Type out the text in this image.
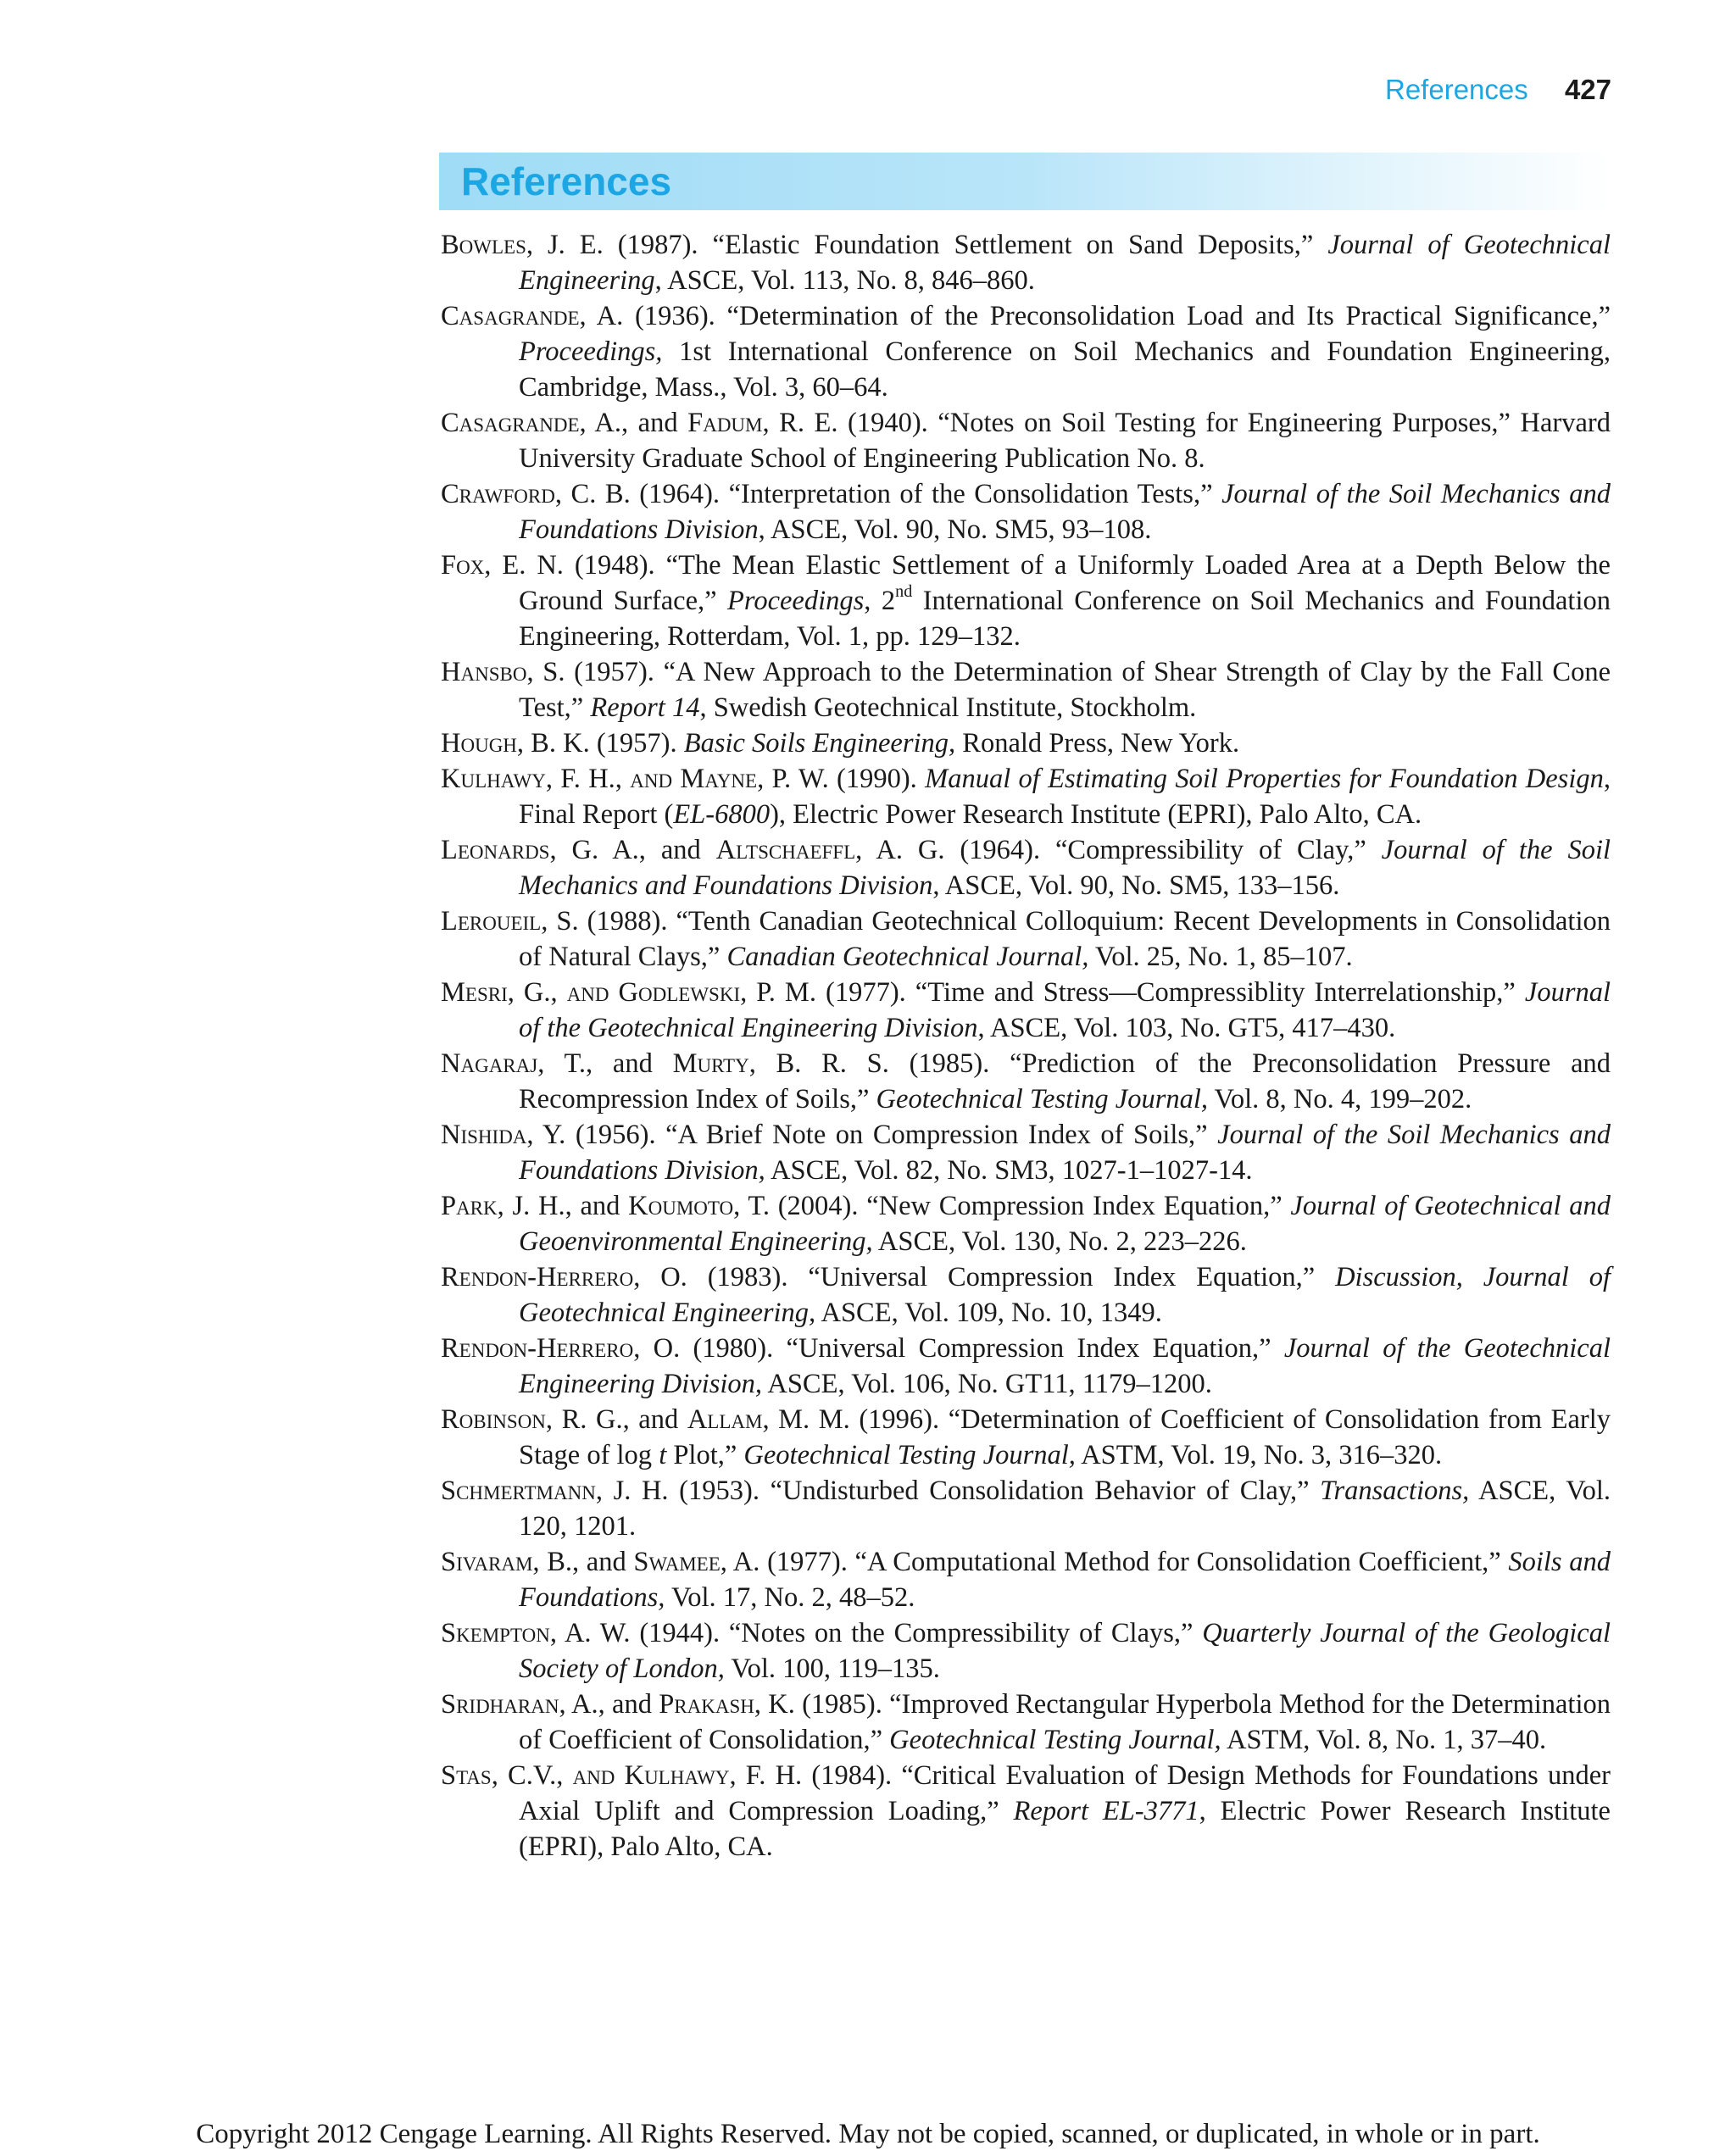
References 427
References
Bowles, J. E. (1987). “Elastic Foundation Settlement on Sand Deposits,” Journal of Geotechnical Engineering, ASCE, Vol. 113, No. 8, 846–860.
Casagrande, A. (1936). “Determination of the Preconsolidation Load and Its Practical Significance,” Proceedings, 1st International Conference on Soil Mechanics and Foundation Engineering, Cambridge, Mass., Vol. 3, 60–64.
Casagrande, A., and Fadum, R. E. (1940). “Notes on Soil Testing for Engineering Purposes,” Harvard University Graduate School of Engineering Publication No. 8.
Crawford, C. B. (1964). “Interpretation of the Consolidation Tests,” Journal of the Soil Mechanics and Foundations Division, ASCE, Vol. 90, No. SM5, 93–108.
Fox, E. N. (1948). “The Mean Elastic Settlement of a Uniformly Loaded Area at a Depth Below the Ground Surface,” Proceedings, 2nd International Conference on Soil Mechanics and Foundation Engineering, Rotterdam, Vol. 1, pp. 129–132.
Hansbo, S. (1957). “A New Approach to the Determination of Shear Strength of Clay by the Fall Cone Test,” Report 14, Swedish Geotechnical Institute, Stockholm.
Hough, B. K. (1957). Basic Soils Engineering, Ronald Press, New York.
Kulhawy, F. H., and Mayne, P. W. (1990). Manual of Estimating Soil Properties for Foundation Design, Final Report (EL-6800), Electric Power Research Institute (EPRI), Palo Alto, CA.
Leonards, G. A., and Altschaeffl, A. G. (1964). “Compressibility of Clay,” Journal of the Soil Mechanics and Foundations Division, ASCE, Vol. 90, No. SM5, 133–156.
Leroueil, S. (1988). “Tenth Canadian Geotechnical Colloquium: Recent Developments in Consolidation of Natural Clays,” Canadian Geotechnical Journal, Vol. 25, No. 1, 85–107.
Mesri, G., and Godlewski, P. M. (1977). “Time and Stress—Compressiblity Interrelationship,” Journal of the Geotechnical Engineering Division, ASCE, Vol. 103, No. GT5, 417–430.
Nagaraj, T., and Murty, B. R. S. (1985). “Prediction of the Preconsolidation Pressure and Recompression Index of Soils,” Geotechnical Testing Journal, Vol. 8, No. 4, 199–202.
Nishida, Y. (1956). “A Brief Note on Compression Index of Soils,” Journal of the Soil Mechanics and Foundations Division, ASCE, Vol. 82, No. SM3, 1027-1–1027-14.
Park, J. H., and Koumoto, T. (2004). “New Compression Index Equation,” Journal of Geotechnical and Geoenvironmental Engineering, ASCE, Vol. 130, No. 2, 223–226.
Rendon-Herrero, O. (1983). “Universal Compression Index Equation,” Discussion, Journal of Geotechnical Engineering, ASCE, Vol. 109, No. 10, 1349.
Rendon-Herrero, O. (1980). “Universal Compression Index Equation,” Journal of the Geotechnical Engineering Division, ASCE, Vol. 106, No. GT11, 1179–1200.
Robinson, R. G., and Allam, M. M. (1996). “Determination of Coefficient of Consolidation from Early Stage of log t Plot,” Geotechnical Testing Journal, ASTM, Vol. 19, No. 3, 316–320.
Schmertmann, J. H. (1953). “Undisturbed Consolidation Behavior of Clay,” Transactions, ASCE, Vol. 120, 1201.
Sivaram, B., and Swamee, A. (1977). “A Computational Method for Consolidation Coefficient,” Soils and Foundations, Vol. 17, No. 2, 48–52.
Skempton, A. W. (1944). “Notes on the Compressibility of Clays,” Quarterly Journal of the Geological Society of London, Vol. 100, 119–135.
Sridharan, A., and Prakash, K. (1985). “Improved Rectangular Hyperbola Method for the Determination of Coefficient of Consolidation,” Geotechnical Testing Journal, ASTM, Vol. 8, No. 1, 37–40.
Stas, C.V., and Kulhawy, F. H. (1984). “Critical Evaluation of Design Methods for Foundations under Axial Uplift and Compression Loading,” Report EL-3771, Electric Power Research Institute (EPRI), Palo Alto, CA.
Copyright 2012 Cengage Learning. All Rights Reserved. May not be copied, scanned, or duplicated, in whole or in part.
